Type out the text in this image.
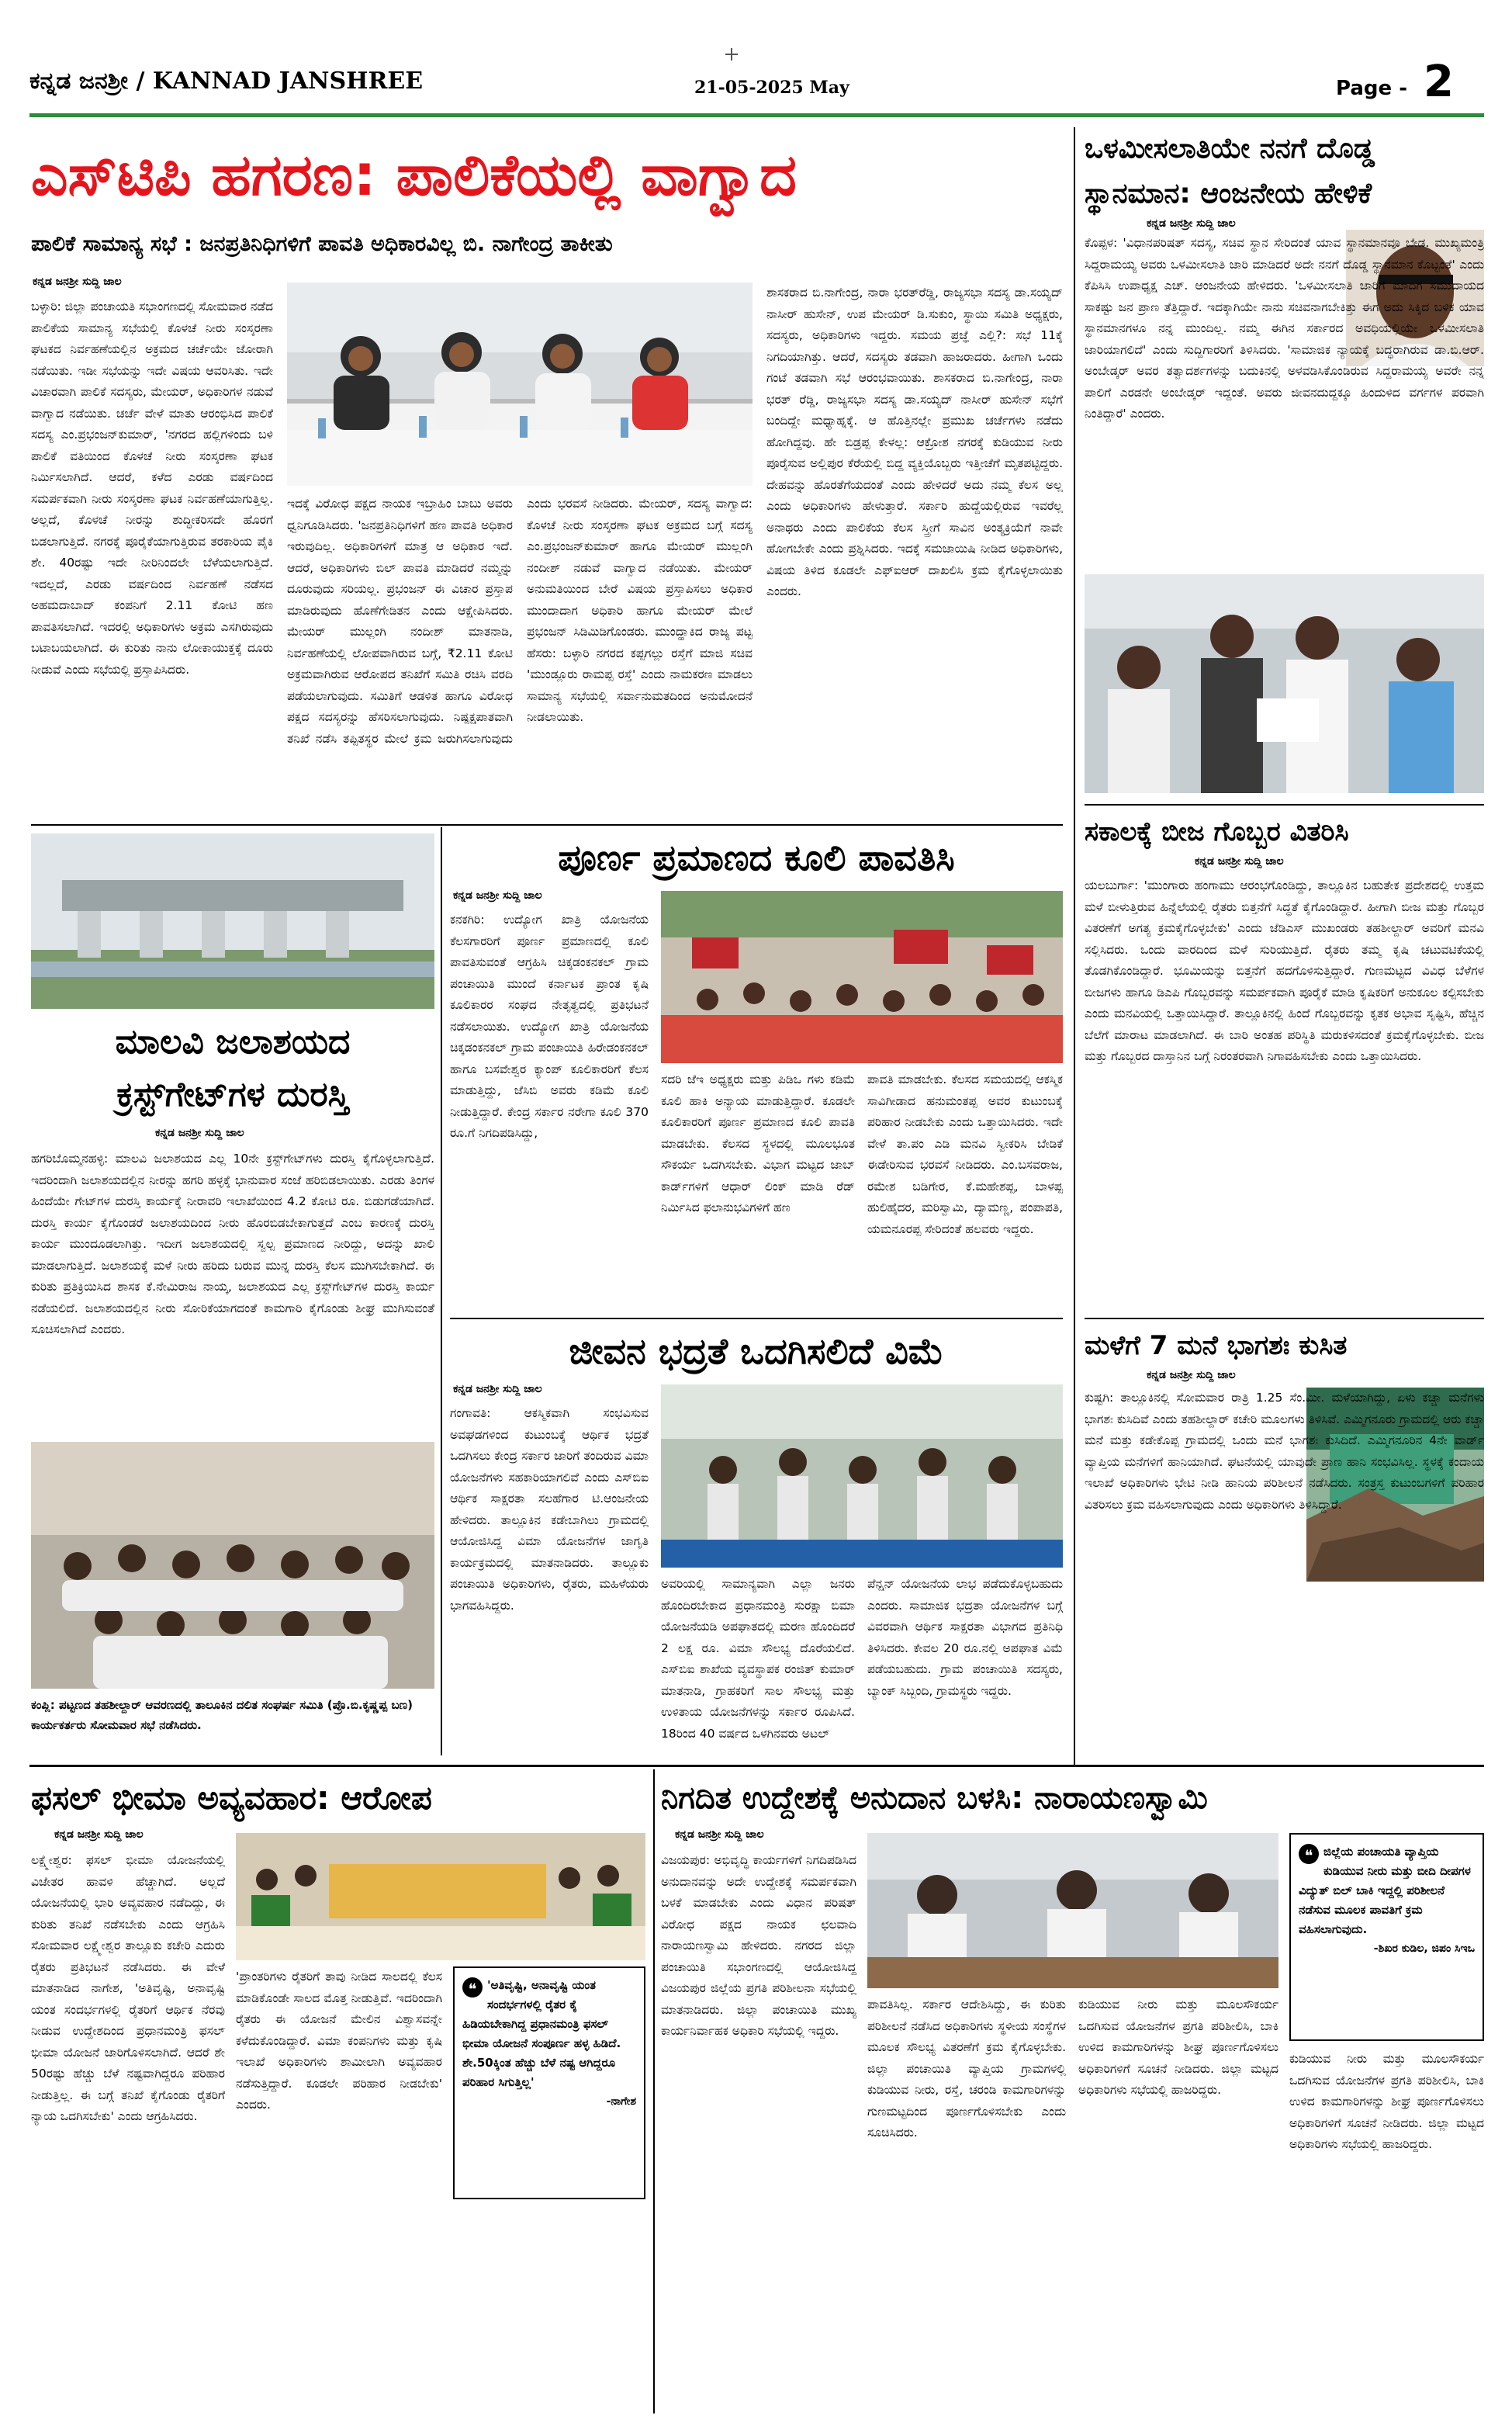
ಕನ್ನಡ ಜನಶ್ರೀ / KANNAD JANSHREE	21-05-2025 May	Page - 2
ಎಸ್‌ಟಿಪಿ ಹಗರಣ: ಪಾಲಿಕೆಯಲ್ಲಿ ವಾಗ್ವಾದ
ಪಾಲಿಕೆ ಸಾಮಾನ್ಯ ಸಭೆ : ಜನಪ್ರತಿನಿಧಿಗಳಿಗೆ ಪಾವತಿ ಅಧಿಕಾರವಿಲ್ಲ ಬಿ. ನಾಗೇಂದ್ರ ತಾಕೀತು
ಕನ್ನಡ ಜನಶ್ರೀ ಸುದ್ದಿ ಜಾಲ
ಬಳ್ಳಾರಿ: ಜಿಲ್ಲಾ ಪಂಚಾಯತಿ ಸಭಾಂಗಣದಲ್ಲಿ ಸೋಮವಾರ ನಡೆದ ಪಾಲಿಕೆಯ ಸಾಮಾನ್ಯ ಸಭೆಯಲ್ಲಿ ಕೊಳಚೆ ನೀರು ಸಂಸ್ಕರಣಾ ಘಟಕದ ನಿರ್ವಹಣೆಯಲ್ಲಿನ ಅಕ್ರಮದ ಚರ್ಚೆಯೇ ಜೋರಾಗಿ ನಡೆಯಿತು. ಇಡೀ ಸಭೆಯನ್ನು ಇದೇ ವಿಷಯ ಆವರಿಸಿತು. ಇದೇ ವಿಚಾರವಾಗಿ ಪಾಲಿಕೆ ಸದಸ್ಯರು, ಮೇಯರ್, ಅಧಿಕಾರಿಗಳ ನಡುವೆ ವಾಗ್ವಾದ ನಡೆಯಿತು. ಚರ್ಚೆ ವೇಳೆ ಮಾತು ಆರಂಭಿಸಿದ ಪಾಲಿಕೆ ಸದಸ್ಯ ಎಂ.ಪ್ರಭಂಜನ್‌ಕುಮಾರ್, 'ನಗರದ ಹಲ್ಲಿಗಳಿಂದು ಬಳಿ ಪಾಲಿಕೆ ವತಿಯಿಂದ ಕೊಳಚೆ ನೀರು ಸಂಸ್ಕರಣಾ ಘಟಕ ನಿರ್ಮಿಸಲಾಗಿದೆ. ಆದರೆ, ಕಳೆದ ಎರಡು ವರ್ಷದಿಂದ ಸಮರ್ಪಕವಾಗಿ ನೀರು ಸಂಸ್ಕರಣಾ ಘಟಕ ನಿರ್ವಹಣೆಯಾಗುತ್ತಿಲ್ಲ. ಅಲ್ಲದೆ, ಕೊಳಚೆ ನೀರನ್ನು ಶುದ್ಧೀಕರಿಸದೇ ಹೊರಗೆ ಬಿಡಲಾಗುತ್ತಿದೆ. ನಗರಕ್ಕೆ ಪೂರೈಕೆಯಾಗುತ್ತಿರುವ ತರಕಾರಿಯ ಪೈಕಿ ಶೇ. 40ರಷ್ಟು ಇದೇ ನೀರಿನಿಂದಲೇ ಬೆಳೆಯಲಾಗುತ್ತಿದೆ. ಇದಲ್ಲದೆ, ಎರಡು ವರ್ಷದಿಂದ ನಿರ್ವಹಣೆ ನಡೆಸದ ಅಹಮದಾಬಾದ್ ಕಂಪನಿಗೆ 2.11 ಕೋಟಿ ಹಣ ಪಾವತಿಸಲಾಗಿದೆ. ಇದರಲ್ಲಿ ಅಧಿಕಾರಿಗಳು ಅಕ್ರಮ ಎಸಗಿರುವುದು ಬಟಾಬಯಲಾಗಿದೆ. ಈ ಕುರಿತು ನಾನು ಲೋಕಾಯುಕ್ತಕ್ಕೆ ದೂರು ನೀಡುವೆ ಎಂದು ಸಭೆಯಲ್ಲಿ ಪ್ರಸ್ತಾಪಿಸಿದರು.
ಇದಕ್ಕೆ ವಿರೋಧ ಪಕ್ಷದ ನಾಯಕ ಇಬ್ರಾಹಿಂ ಬಾಬು ಅವರು ಧ್ವನಿಗೂಡಿಸಿದರು. 'ಜನಪ್ರತಿನಿಧಿಗಳಿಗೆ ಹಣ ಪಾವತಿ ಅಧಿಕಾರ ಇರುವುದಿಲ್ಲ. ಅಧಿಕಾರಿಗಳಿಗೆ ಮಾತ್ರ ಆ ಅಧಿಕಾರ ಇದೆ. ಆದರೆ, ಅಧಿಕಾರಿಗಳು ಬಿಲ್ ಪಾವತಿ ಮಾಡಿದರೆ ನಮ್ಮನ್ನು ದೂರುವುದು ಸರಿಯಲ್ಲ. ಪ್ರಭಂಜನ್ ಈ ವಿಚಾರ ಪ್ರಸ್ತಾಪ ಮಾಡಿರುವುದು ಹೊಣೆಗೇಡಿತನ ಎಂದು ಆಕ್ಷೇಪಿಸಿದರು. ಮೇಯರ್ ಮುಲ್ಲಂಗಿ ನಂದೀಶ್ ಮಾತನಾಡಿ, ನಿರ್ವಹಣೆಯಲ್ಲಿ ಲೋಪವಾಗಿರುವ ಬಗ್ಗೆ, ₹2.11 ಕೋಟಿ ಅಕ್ರಮವಾಗಿರುವ ಆರೋಪದ ತನಿಖೆಗೆ ಸಮಿತಿ ರಚಿಸಿ ವರದಿ ಪಡೆಯಲಾಗುವುದು. ಸಮಿತಿಗೆ ಆಡಳಿತ ಹಾಗೂ ವಿರೋಧ ಪಕ್ಷದ ಸದಸ್ಯರನ್ನು ಹೆಸರಿಸಲಾಗುವುದು. ನಿಷ್ಪಕ್ಷಪಾತವಾಗಿ ತನಿಖೆ ನಡೆಸಿ ತಪ್ಪಿತಸ್ಥರ ಮೇಲೆ ಕ್ರಮ ಜರುಗಿಸಲಾಗುವುದು ಎಂದು ಭರವಸೆ ನೀಡಿದರು. ಮೇಯರ್, ಸದಸ್ಯ ವಾಗ್ವಾದ: ಕೊಳಚೆ ನೀರು ಸಂಸ್ಕರಣಾ ಘಟಕ ಅಕ್ರಮದ ಬಗ್ಗೆ ಸದಸ್ಯ ಎಂ.ಪ್ರಭಂಜನ್‌ಕುಮಾರ್ ಹಾಗೂ ಮೇಯರ್ ಮುಲ್ಲಂಗಿ ನಂದೀಶ್ ನಡುವೆ ವಾಗ್ವಾದ ನಡೆಯಿತು. ಮೇಯರ್ ಅನುಮತಿಯಿಂದ ಬೇರೆ ವಿಷಯ ಪ್ರಸ್ತಾಪಿಸಲು ಅಧಿಕಾರ ಮುಂದಾದಾಗ ಅಧಿಕಾರಿ ಹಾಗೂ ಮೇಯರ್ ಮೇಲೆ ಪ್ರಭಂಜನ್ ಸಿಡಿಮಿಡಿಗೊಂಡರು. ಮುಂದ್ಹಾಕಿದ ರಾಜ್ಯ ಪಟ್ಟ ಹೆಸರು: ಬಳ್ಳಾರಿ ನಗರದ ಕಪ್ಪಗಲ್ಲು ರಸ್ತೆಗೆ ಮಾಜಿ ಸಚಿವ 'ಮುಂಡ್ಲೂರು ರಾಮಪ್ಪ ರಸ್ತೆ' ಎಂದು ನಾಮಕರಣ ಮಾಡಲು ಸಾಮಾನ್ಯ ಸಭೆಯಲ್ಲಿ ಸರ್ವಾನುಮತದಿಂದ ಅನುಮೋದನೆ ನೀಡಲಾಯಿತು.
ಶಾಸಕರಾದ ಬಿ.ನಾಗೇಂದ್ರ, ನಾರಾ ಭರತ್‌ರೆಡ್ಡಿ, ರಾಜ್ಯಸಭಾ ಸದಸ್ಯ ಡಾ.ಸಯ್ಯದ್ ನಾಸೀರ್ ಹುಸೇನ್, ಉಪ ಮೇಯರ್ ಡಿ.ಸುಕುಂ, ಸ್ಥಾಯಿ ಸಮಿತಿ ಅಧ್ಯಕ್ಷರು, ಸದಸ್ಯರು, ಅಧಿಕಾರಿಗಳು ಇದ್ದರು. ಸಮಯ ಪ್ರಜ್ಞೆ ಎಲ್ಲಿ?: ಸಭೆ 11ಕ್ಕೆ ನಿಗದಿಯಾಗಿತ್ತು. ಆದರೆ, ಸದಸ್ಯರು ತಡವಾಗಿ ಹಾಜರಾದರು. ಹೀಗಾಗಿ ಒಂದು ಗಂಟೆ ತಡವಾಗಿ ಸಭೆ ಆರಂಭವಾಯಿತು. ಶಾಸಕರಾದ ಬಿ.ನಾಗೇಂದ್ರ, ನಾರಾ ಭರತ್ ರೆಡ್ಡಿ, ರಾಜ್ಯಸಭಾ ಸದಸ್ಯ ಡಾ.ಸಯ್ಯದ್ ನಾಸೀರ್ ಹುಸೇನ್ ಸಭೆಗೆ ಬಂದಿದ್ದೇ ಮಧ್ಯಾಹ್ನಕ್ಕೆ. ಆ ಹೊತ್ತಿನಲ್ಲೇ ಪ್ರಮುಖ ಚರ್ಚೆಗಳು ನಡೆದು ಹೋಗಿದ್ದವು. ಹೇ ಬಿಡ್ರಪ್ಪ ಕೇಳಲ್ಲ: ಆಕ್ರೋಶ ನಗರಕ್ಕೆ ಕುಡಿಯುವ ನೀರು ಪೂರೈಸುವ ಅಲ್ಲಿಪುರ ಕೆರೆಯಲ್ಲಿ ಬಿದ್ದ ವ್ಯಕ್ತಿಯೊಬ್ಬರು ಇತ್ತೀಚೆಗೆ ಮೃತಪಟ್ಟಿದ್ದರು. ದೇಹವನ್ನು ಹೊರತೆಗೆಯದಂತೆ ಎಂದು ಹೇಳಿದರೆ ಅದು ನಮ್ಮ ಕೆಲಸ ಅಲ್ಲ ಎಂದು ಅಧಿಕಾರಿಗಳು ಹೇಳುತ್ತಾರೆ. ಸರ್ಕಾರಿ ಹುದ್ದೆಯಲ್ಲಿರುವ ಇವರೆಲ್ಲ ಅನಾಥರು ಎಂದು ಪಾಲಿಕೆಯ ಕೆಲಸ ಸ್ತ್ರೀಗೆ ಸಾವಿನ ಅಂತ್ಯಕ್ರಿಯೆಗೆ ನಾವೇ ಹೋಗಬೇಕೇ ಎಂದು ಪ್ರಶ್ನಿಸಿದರು. ಇದಕ್ಕೆ ಸಮಜಾಯಿಷಿ ನೀಡಿದ ಅಧಿಕಾರಿಗಳು, ವಿಷಯ ತಿಳಿದ ಕೂಡಲೇ ಎಫ್‌ಐಆರ್ ದಾಖಲಿಸಿ ಕ್ರಮ ಕೈಗೊಳ್ಳಲಾಯಿತು ಎಂದರು.
ಒಳಮೀಸಲಾತಿಯೇ ನನಗೆ ದೊಡ್ಡ
ಸ್ಥಾನಮಾನ: ಆಂಜನೇಯ ಹೇಳಿಕೆ
ಕನ್ನಡ ಜನಶ್ರೀ ಸುದ್ದಿ ಜಾಲ
ಕೊಪ್ಪಳ: 'ವಿಧಾನಪರಿಷತ್ ಸದಸ್ಯ, ಸಚಿವ ಸ್ಥಾನ ಸೇರಿದಂತೆ ಯಾವ ಸ್ಥಾನಮಾನವೂ ಬೇಡ. ಮುಖ್ಯಮಂತ್ರಿ ಸಿದ್ದರಾಮಯ್ಯ ಅವರು ಒಳಮೀಸಲಾತಿ ಜಾರಿ ಮಾಡಿದರೆ ಅದೇ ನನಗೆ ದೊಡ್ಡ ಸ್ಥಾನಮಾನ ಕೊಟ್ಟಂತೆ' ಎಂದು ಕೆಪಿಸಿಸಿ ಉಪಾಧ್ಯಕ್ಷ ಎಚ್. ಆಂಜನೇಯ ಹೇಳಿದರು. 'ಒಳಮೀಸಲಾತಿ ಜಾರಿಗೆ ಮಾದಿಗ ಸಮುದಾಯದ ಸಾಕಷ್ಟು ಜನ ಪ್ರಾಣ ತೆತ್ತಿದ್ದಾರೆ. ಇದಕ್ಕಾಗಿಯೇ ನಾನು ಸಚಿವನಾಗಬೇಕಿತ್ತು ಈಗ ಅದು ಸಿಕ್ಕಿದ ಬಳಿಕ ಯಾವ ಸ್ಥಾನಮಾನಗಳೂ ನನ್ನ ಮುಂದಿಲ್ಲ. ನಮ್ಮ ಈಗಿನ ಸರ್ಕಾರದ ಅವಧಿಯಲ್ಲಿಯೇ ಒಳಮೀಸಲಾತಿ ಜಾರಿಯಾಗಲಿದೆ' ಎಂದು ಸುದ್ದಿಗಾರರಿಗೆ ತಿಳಿಸಿದರು. 'ಸಾಮಾಜಿಕ ನ್ಯಾಯಕ್ಕೆ ಬದ್ಧರಾಗಿರುವ ಡಾ.ಬಿ.ಆರ್. ಅಂಬೇಡ್ಕರ್ ಅವರ ತತ್ವಾದರ್ಶಗಳನ್ನು ಬದುಕಿನಲ್ಲಿ ಅಳವಡಿಸಿಕೊಂಡಿರುವ ಸಿದ್ದರಾಮಯ್ಯ ಅವರೇ ನನ್ನ ಪಾಲಿಗೆ ಎರಡನೇ ಅಂಬೇಡ್ಕರ್ ಇದ್ದಂತೆ. ಅವರು ಜೀವನದುದ್ದಕ್ಕೂ ಹಿಂದುಳಿದ ವರ್ಗಗಳ ಪರವಾಗಿ ನಿಂತಿದ್ದಾರೆ' ಎಂದರು.
ಸಕಾಲಕ್ಕೆ ಬೀಜ ಗೊಬ್ಬರ ವಿತರಿಸಿ
ಕನ್ನಡ ಜನಶ್ರೀ ಸುದ್ದಿ ಜಾಲ
ಯಲಬುರ್ಗಾ: 'ಮುಂಗಾರು ಹಂಗಾಮು ಆರಂಭಗೊಂಡಿದ್ದು, ತಾಲ್ಲೂಕಿನ ಬಹುತೇಕ ಪ್ರದೇಶದಲ್ಲಿ ಉತ್ತಮ ಮಳೆ ಬೀಳುತ್ತಿರುವ ಹಿನ್ನೆಲೆಯಲ್ಲಿ ರೈತರು ಬಿತ್ತನೆಗೆ ಸಿದ್ಧತೆ ಕೈಗೊಂಡಿದ್ದಾರೆ. ಹೀಗಾಗಿ ಬೀಜ ಮತ್ತು ಗೊಬ್ಬರ ವಿತರಣೆಗೆ ಅಗತ್ಯ ಕ್ರಮಕೈಗೊಳ್ಳಬೇಕು' ಎಂದು ಜೆಡಿಎಸ್ ಮುಖಂಡರು ತಹಶೀಲ್ದಾರ್ ಅವರಿಗೆ ಮನವಿ ಸಲ್ಲಿಸಿದರು. ಒಂದು ವಾರದಿಂದ ಮಳೆ ಸುರಿಯುತ್ತಿದೆ. ರೈತರು ತಮ್ಮ ಕೃಷಿ ಚಟುವಟಿಕೆಯಲ್ಲಿ ತೊಡಗಿಕೊಂಡಿದ್ದಾರೆ. ಭೂಮಿಯನ್ನು ಬಿತ್ತನೆಗೆ ಹದಗೊಳಿಸುತ್ತಿದ್ದಾರೆ. ಗುಣಮಟ್ಟದ ವಿವಿಧ ಬೆಳೆಗಳ ಬೀಜಗಳು ಹಾಗೂ ಡಿಎಪಿ ಗೊಬ್ಬರವನ್ನು ಸಮರ್ಪಕವಾಗಿ ಪೂರೈಕೆ ಮಾಡಿ ಕೃಷಿಕರಿಗೆ ಅನುಕೂಲ ಕಲ್ಪಿಸಬೇಕು ಎಂದು ಮನವಿಯಲ್ಲಿ ಒತ್ತಾಯಿಸಿದ್ದಾರೆ. ತಾಲ್ಲೂಕಿನಲ್ಲಿ ಹಿಂದೆ ಗೊಬ್ಬರವನ್ನು ಕೃತಕ ಅಭಾವ ಸೃಷ್ಟಿಸಿ, ಹೆಚ್ಚಿನ ಬೆಲೆಗೆ ಮಾರಾಟ ಮಾಡಲಾಗಿದೆ. ಈ ಬಾರಿ ಅಂತಹ ಪರಿಸ್ಥಿತಿ ಮರುಕಳಿಸದಂತೆ ಕ್ರಮಕೈಗೊಳ್ಳಬೇಕು. ಬೀಜ ಮತ್ತು ಗೊಬ್ಬರದ ದಾಸ್ತಾನಿನ ಬಗ್ಗೆ ನಿರಂತರವಾಗಿ ನಿಗಾವಹಿಸಬೇಕು ಎಂದು ಒತ್ತಾಯಿಸಿದರು.
ಮಳೆಗೆ 7 ಮನೆ ಭಾಗಶಃ ಕುಸಿತ
ಕನ್ನಡ ಜನಶ್ರೀ ಸುದ್ದಿ ಜಾಲ
ಕುಷ್ಟಗಿ: ತಾಲ್ಲೂಕಿನಲ್ಲಿ ಸೋಮವಾರ ರಾತ್ರಿ 1.25 ಸೆಂ.ಮೀ. ಮಳೆಯಾಗಿದ್ದು, ಏಳು ಕಚ್ಚಾ ಮನೆಗಳು ಭಾಗಶಃ ಕುಸಿದಿವೆ ಎಂದು ತಹಶೀಲ್ದಾರ್ ಕಚೇರಿ ಮೂಲಗಳು ತಿಳಿಸಿವೆ. ಎಮ್ಮಿಗನೂರು ಗ್ರಾಮದಲ್ಲಿ ಆರು ಕಚ್ಚಾ ಮನೆ ಮತ್ತು ಕಡೇಕೊಪ್ಪ ಗ್ರಾಮದಲ್ಲಿ ಒಂದು ಮನೆ ಭಾಗಶಃ ಕುಸಿದಿದೆ. ಎಮ್ಮಿಗನೂರಿನ 4ನೇ ವಾರ್ಡ್ ವ್ಯಾಪ್ತಿಯ ಮನೆಗಳಿಗೆ ಹಾನಿಯಾಗಿದೆ. ಘಟನೆಯಲ್ಲಿ ಯಾವುದೇ ಪ್ರಾಣ ಹಾನಿ ಸಂಭವಿಸಿಲ್ಲ. ಸ್ಥಳಕ್ಕೆ ಕಂದಾಯ ಇಲಾಖೆ ಅಧಿಕಾರಿಗಳು ಭೇಟಿ ನೀಡಿ ಹಾನಿಯ ಪರಿಶೀಲನೆ ನಡೆಸಿದರು. ಸಂತ್ರಸ್ತ ಕುಟುಂಬಗಳಿಗೆ ಪರಿಹಾರ ವಿತರಿಸಲು ಕ್ರಮ ವಹಿಸಲಾಗುವುದು ಎಂದು ಅಧಿಕಾರಿಗಳು ತಿಳಿಸಿದ್ದಾರೆ.
ಮಾಲವಿ ಜಲಾಶಯದ
ಕ್ರಸ್ಟ್‌ಗೇಟ್‌ಗಳ ದುರಸ್ತಿ
ಕನ್ನಡ ಜನಶ್ರೀ ಸುದ್ದಿ ಜಾಲ
ಹಗರಿಬೊಮ್ಮನಹಳ್ಳಿ: ಮಾಲವಿ ಜಲಾಶಯದ ಎಲ್ಲ 10ನೇ ಕ್ರಸ್ಟ್‌ಗೇಟ್‌ಗಳು ದುರಸ್ತಿ ಕೈಗೊಳ್ಳಲಾಗುತ್ತಿದೆ. ಇದರಿಂದಾಗಿ ಜಲಾಶಯದಲ್ಲಿನ ನೀರನ್ನು ಹಗರಿ ಹಳ್ಳಕ್ಕೆ ಭಾನುವಾರ ಸಂಜೆ ಹರಿಬಿಡಲಾಯಿತು. ಎರಡು ತಿಂಗಳ ಹಿಂದೆಯೇ ಗೇಟ್‌ಗಳ ದುರಸ್ತಿ ಕಾರ್ಯಕ್ಕೆ ನೀರಾವರಿ ಇಲಾಖೆಯಿಂದ 4.2 ಕೋಟಿ ರೂ. ಬಿಡುಗಡೆಯಾಗಿದೆ. ದುರಸ್ತಿ ಕಾರ್ಯ ಕೈಗೊಂಡರೆ ಜಲಾಶಯದಿಂದ ನೀರು ಹೊರಬಿಡಬೇಕಾಗುತ್ತದೆ ಎಂಬ ಕಾರಣಕ್ಕೆ ದುರಸ್ತಿ ಕಾರ್ಯ ಮುಂದೂಡಲಾಗಿತ್ತು. ಇದೀಗ ಜಲಾಶಯದಲ್ಲಿ ಸ್ವಲ್ಪ ಪ್ರಮಾಣದ ನೀರಿದ್ದು, ಅದನ್ನು ಖಾಲಿ ಮಾಡಲಾಗುತ್ತಿದೆ. ಜಲಾಶಯಕ್ಕೆ ಮಳೆ ನೀರು ಹರಿದು ಬರುವ ಮುನ್ನ ದುರಸ್ತಿ ಕೆಲಸ ಮುಗಿಸಬೇಕಾಗಿದೆ. ಈ ಕುರಿತು ಪ್ರತಿಕ್ರಿಯಿಸಿದ ಶಾಸಕ ಕೆ.ನೇಮಿರಾಜ ನಾಯ್ಕ, ಜಲಾಶಯದ ಎಲ್ಲ ಕ್ರಸ್ಟ್‌ಗೇಟ್‌ಗಳ ದುರಸ್ತಿ ಕಾರ್ಯ ನಡೆಯಲಿದೆ. ಜಲಾಶಯದಲ್ಲಿನ ನೀರು ಸೋರಿಕೆಯಾಗದಂತೆ ಕಾಮಗಾರಿ ಕೈಗೊಂಡು ಶೀಘ್ರ ಮುಗಿಸುವಂತೆ ಸೂಚಿಸಲಾಗಿದೆ ಎಂದರು.
ಕಂಪ್ಲಿ: ಪಟ್ಟಣದ ತಹಶೀಲ್ದಾರ್ ಆವರಣದಲ್ಲಿ ತಾಲೂಕಿನ ದಲಿತ ಸಂಘರ್ಷ ಸಮಿತಿ (ಪ್ರೊ.ಬಿ.ಕೃಷ್ಣಪ್ಪ ಬಣ) ಕಾರ್ಯಕರ್ತರು ಸೋಮವಾರ ಸಭೆ ನಡೆಸಿದರು.
ಪೂರ್ಣ ಪ್ರಮಾಣದ ಕೂಲಿ ಪಾವತಿಸಿ
ಕನ್ನಡ ಜನಶ್ರೀ ಸುದ್ದಿ ಜಾಲ
ಕನಕಗಿರಿ: ಉದ್ಯೋಗ ಖಾತ್ರಿ ಯೋಜನೆಯ ಕೆಲಸಗಾರರಿಗೆ ಪೂರ್ಣ ಪ್ರಮಾಣದಲ್ಲಿ ಕೂಲಿ ಪಾವತಿಸುವಂತೆ ಆಗ್ರಹಿಸಿ ಚಿಕ್ಕಡಂಕನಕಲ್ ಗ್ರಾಮ ಪಂಚಾಯಿತಿ ಮುಂದೆ ಕರ್ನಾಟಕ ಪ್ರಾಂತ ಕೃಷಿ ಕೂಲಿಕಾರರ ಸಂಘದ ನೇತೃತ್ವದಲ್ಲಿ ಪ್ರತಿಭಟನೆ ನಡೆಸಲಾಯಿತು. ಉದ್ಯೋಗ ಖಾತ್ರಿ ಯೋಜನೆಯ ಚಿಕ್ಕಡಂಕನಕಲ್ ಗ್ರಾಮ ಪಂಚಾಯಿತಿ ಹಿರೇಡಂಕನಕಲ್ ಹಾಗೂ ಬಸವೇಶ್ವರ ಕ್ಯಾಂಪ್ ಕೂಲಿಕಾರರಿಗೆ ಕೆಲಸ ಮಾಡುತ್ತಿದ್ದು, ಜೆಸಿಬಿ ಅವರು ಕಡಿಮೆ ಕೂಲಿ ನೀಡುತ್ತಿದ್ದಾರೆ. ಕೇಂದ್ರ ಸರ್ಕಾರ ನರೇಗಾ ಕೂಲಿ 370 ರೂ.ಗೆ ನಿಗದಿಪಡಿಸಿದ್ದು,
ಸದರಿ ಜೆಇ ಅಧ್ಯಕ್ಷರು ಮತ್ತು ಪಿಡಿಒ ಗಳು ಕಡಿಮೆ ಕೂಲಿ ಹಾಕಿ ಅನ್ಯಾಯ ಮಾಡುತ್ತಿದ್ದಾರೆ. ಕೂಡಲೇ ಕೂಲಿಕಾರರಿಗೆ ಪೂರ್ಣ ಪ್ರಮಾಣದ ಕೂಲಿ ಪಾವತಿ ಮಾಡಬೇಕು. ಕೆಲಸದ ಸ್ಥಳದಲ್ಲಿ ಮೂಲಭೂತ ಸೌಕರ್ಯ ಒದಗಿಸಬೇಕು. ವಿಭಾಗ ಮಟ್ಟದ ಜಾಬ್ ಕಾರ್ಡ್‌ಗಳಿಗೆ ಆಧಾರ್ ಲಿಂಕ್ ಮಾಡಿ ರೆಡ್ ನಿರ್ಮಿಸಿದ ಫಲಾನುಭವಿಗಳಿಗೆ ಹಣ
ಪಾವತಿ ಮಾಡಬೇಕು. ಕೆಲಸದ ಸಮಯದಲ್ಲಿ ಆಕಸ್ಮಿಕ ಸಾವಿಗೀಡಾದ ಹನುಮಂತಪ್ಪ ಅವರ ಕುಟುಂಬಕ್ಕೆ ಪರಿಹಾರ ನೀಡಬೇಕು ಎಂದು ಒತ್ತಾಯಿಸಿದರು. ಇದೇ ವೇಳೆ ತಾ.ಪಂ ಎಡಿ ಮನವಿ ಸ್ವೀಕರಿಸಿ ಬೇಡಿಕೆ ಈಡೇರಿಸುವ ಭರವಸೆ ನೀಡಿದರು. ಎಂ.ಬಸವರಾಜ, ರಮೇಶ ಬಡಿಗೇರ, ಕೆ.ಮಹೇಶಪ್ಪ, ಬಾಳಪ್ಪ ಹುಲಿಹೈದರ, ಮರಿಸ್ವಾಮಿ, ದ್ಯಾಮಣ್ಣ, ಪಂಪಾಪತಿ, ಯಮನೂರಪ್ಪ ಸೇರಿದಂತೆ ಹಲವರು ಇದ್ದರು.
ಜೀವನ ಭದ್ರತೆ ಒದಗಿಸಲಿದೆ ವಿಮೆ
ಕನ್ನಡ ಜನಶ್ರೀ ಸುದ್ದಿ ಜಾಲ
ಗಂಗಾವತಿ: ಆಕಸ್ಮಿಕವಾಗಿ ಸಂಭವಿಸುವ ಅವಘಡಗಳಿಂದ ಕುಟುಂಬಕ್ಕೆ ಆರ್ಥಿಕ ಭದ್ರತೆ ಒದಗಿಸಲು ಕೇಂದ್ರ ಸರ್ಕಾರ ಜಾರಿಗೆ ತಂದಿರುವ ವಿಮಾ ಯೋಜನೆಗಳು ಸಹಕಾರಿಯಾಗಲಿವೆ ಎಂದು ಎಸ್‌ಬಿಐ ಆರ್ಥಿಕ ಸಾಕ್ಷರತಾ ಸಲಹೆಗಾರ ಟಿ.ಆಂಜನೇಯ ಹೇಳಿದರು. ತಾಲ್ಲೂಕಿನ ಕಡೇಬಾಗಿಲು ಗ್ರಾಮದಲ್ಲಿ ಆಯೋಜಿಸಿದ್ದ ವಿಮಾ ಯೋಜನೆಗಳ ಜಾಗೃತಿ ಕಾರ್ಯಕ್ರಮದಲ್ಲಿ ಮಾತನಾಡಿದರು. ತಾಲ್ಲೂಕು ಪಂಚಾಯಿತಿ ಅಧಿಕಾರಿಗಳು, ರೈತರು, ಮಹಿಳೆಯರು ಭಾಗವಹಿಸಿದ್ದರು.
ಅವರಿಯಲ್ಲಿ ಸಾಮಾನ್ಯವಾಗಿ ಎಲ್ಲಾ ಜನರು ಹೊಂದಿರಬೇಕಾದ ಪ್ರಧಾನಮಂತ್ರಿ ಸುರಕ್ಷಾ ಬಿಮಾ ಯೋಜನೆಯಡಿ ಅಪಘಾತದಲ್ಲಿ ಮರಣ ಹೊಂದಿದರೆ 2 ಲಕ್ಷ ರೂ. ವಿಮಾ ಸೌಲಭ್ಯ ದೊರೆಯಲಿದೆ. ಎಸ್‌ಬಿಐ ಶಾಖೆಯ ವ್ಯವಸ್ಥಾಪಕ ರಂಜಿತ್ ಕುಮಾರ್ ಮಾತನಾಡಿ, ಗ್ರಾಹಕರಿಗೆ ಸಾಲ ಸೌಲಭ್ಯ ಮತ್ತು ಉಳಿತಾಯ ಯೋಜನೆಗಳನ್ನು ಸರ್ಕಾರ ರೂಪಿಸಿದೆ. 18ರಿಂದ 40 ವರ್ಷದ ಒಳಗಿನವರು ಅಟಲ್
ಪೆನ್ಷನ್ ಯೋಜನೆಯ ಲಾಭ ಪಡೆದುಕೊಳ್ಳಬಹುದು ಎಂದರು. ಸಾಮಾಜಿಕ ಭದ್ರತಾ ಯೋಜನೆಗಳ ಬಗ್ಗೆ ವಿವರವಾಗಿ ಆರ್ಥಿಕ ಸಾಕ್ಷರತಾ ವಿಭಾಗದ ಪ್ರತಿನಿಧಿ ತಿಳಿಸಿದರು. ಕೇವಲ 20 ರೂ.ನಲ್ಲಿ ಅಪಘಾತ ವಿಮೆ ಪಡೆಯಬಹುದು. ಗ್ರಾಮ ಪಂಚಾಯಿತಿ ಸದಸ್ಯರು, ಬ್ಯಾಂಕ್ ಸಿಬ್ಬಂದಿ, ಗ್ರಾಮಸ್ಥರು ಇದ್ದರು.
ಫಸಲ್ ಭೀಮಾ ಅವ್ಯವಹಾರ: ಆರೋಪ
ಕನ್ನಡ ಜನಶ್ರೀ ಸುದ್ದಿ ಜಾಲ
ಲಕ್ಷ್ಮೇಶ್ವರ: ಫಸಲ್ ಭೀಮಾ ಯೋಜನೆಯಲ್ಲಿ ವಿಜೇತರ ಹಾವಳಿ ಹೆಚ್ಚಾಗಿದೆ. ಅಲ್ಲದೆ ಯೋಜನೆಯಲ್ಲಿ ಭಾರಿ ಅವ್ಯವಹಾರ ನಡೆದಿದ್ದು, ಈ ಕುರಿತು ತನಿಖೆ ನಡೆಸಬೇಕು ಎಂದು ಆಗ್ರಹಿಸಿ ಸೋಮವಾರ ಲಕ್ಷ್ಮೇಶ್ವರ ತಾಲ್ಲೂಕು ಕಚೇರಿ ಎದುರು ರೈತರು ಪ್ರತಿಭಟನೆ ನಡೆಸಿದರು. ಈ ವೇಳೆ ಮಾತನಾಡಿದ ನಾಗೇಶ, 'ಅತಿವೃಷ್ಟಿ, ಅನಾವೃಷ್ಟಿ ಯಂತ ಸಂದರ್ಭಗಳಲ್ಲಿ ರೈತರಿಗೆ ಆರ್ಥಿಕ ನೆರವು ನೀಡುವ ಉದ್ದೇಶದಿಂದ ಪ್ರಧಾನಮಂತ್ರಿ ಫಸಲ್ ಭೀಮಾ ಯೋಜನೆ ಜಾರಿಗೊಳಿಸಲಾಗಿದೆ. ಆದರೆ ಶೇ 50ರಷ್ಟು ಹೆಚ್ಚು ಬೆಳೆ ನಷ್ಟವಾಗಿದ್ದರೂ ಪರಿಹಾರ ನೀಡುತ್ತಿಲ್ಲ. ಈ ಬಗ್ಗೆ ತನಿಖೆ ಕೈಗೊಂಡು ರೈತರಿಗೆ ನ್ಯಾಯ ಒದಗಿಸಬೇಕು' ಎಂದು ಆಗ್ರಹಿಸಿದರು.
'ಪ್ರಾಂತರಿಗಳು ರೈತರಿಗೆ ತಾವು ನೀಡಿದ ಸಾಲದಲ್ಲಿ ಕೆಲಸ ಮಾಡಿಕೊಂಡೇ ಸಾಲದ ಮೊತ್ತ ನೀಡುತ್ತಿವೆ. ಇದರಿಂದಾಗಿ ರೈತರು ಈ ಯೋಜನೆ ಮೇಲಿನ ವಿಶ್ವಾಸವನ್ನೇ ಕಳೆದುಕೊಂಡಿದ್ದಾರೆ. ವಿಮಾ ಕಂಪನಿಗಳು ಮತ್ತು ಕೃಷಿ ಇಲಾಖೆ ಅಧಿಕಾರಿಗಳು ಶಾಮೀಲಾಗಿ ಅವ್ಯವಹಾರ ನಡೆಸುತ್ತಿದ್ದಾರೆ. ಕೂಡಲೇ ಪರಿಹಾರ ನೀಡಬೇಕು' ಎಂದರು.
❝ 'ಅತಿವೃಷ್ಟಿ, ಅನಾವೃಷ್ಟಿ ಯಂತ ಸಂದರ್ಭಗಳಲ್ಲಿ ರೈತರ ಕೈ ಹಿಡಿಯಬೇಕಾಗಿದ್ದ ಪ್ರಧಾನಮಂತ್ರಿ ಫಸಲ್ ಭೀಮಾ ಯೋಜನೆ ಸಂಪೂರ್ಣ ಹಳ್ಳ ಹಿಡಿದೆ. ಶೇ.50ಕ್ಕಿಂತ ಹೆಚ್ಚು ಬೆಳೆ ನಷ್ಟ ಆಗಿದ್ದರೂ ಪರಿಹಾರ ಸಿಗುತ್ತಿಲ್ಲ'
-ನಾಗೇಶ
ನಿಗದಿತ ಉದ್ದೇಶಕ್ಕೆ ಅನುದಾನ ಬಳಸಿ: ನಾರಾಯಣಸ್ವಾಮಿ
ಕನ್ನಡ ಜನಶ್ರೀ ಸುದ್ದಿ ಜಾಲ
ವಿಜಯಪುರ: ಅಭಿವೃದ್ಧಿ ಕಾರ್ಯಗಳಿಗೆ ನಿಗದಿಪಡಿಸಿದ ಅನುದಾನವನ್ನು ಅದೇ ಉದ್ದೇಶಕ್ಕೆ ಸಮರ್ಪಕವಾಗಿ ಬಳಕೆ ಮಾಡಬೇಕು ಎಂದು ವಿಧಾನ ಪರಿಷತ್ ವಿರೋಧ ಪಕ್ಷದ ನಾಯಕ ಛಲವಾದಿ ನಾರಾಯಣಸ್ವಾಮಿ ಹೇಳಿದರು. ನಗರದ ಜಿಲ್ಲಾ ಪಂಚಾಯಿತಿ ಸಭಾಂಗಣದಲ್ಲಿ ಆಯೋಜಿಸಿದ್ದ ವಿಜಯಪುರ ಜಿಲ್ಲೆಯ ಪ್ರಗತಿ ಪರಿಶೀಲನಾ ಸಭೆಯಲ್ಲಿ ಮಾತನಾಡಿದರು. ಜಿಲ್ಲಾ ಪಂಚಾಯಿತಿ ಮುಖ್ಯ ಕಾರ್ಯನಿರ್ವಾಹಕ ಅಧಿಕಾರಿ ಸಭೆಯಲ್ಲಿ ಇದ್ದರು.
ಪಾವತಿಸಿಲ್ಲ. ಸರ್ಕಾರ ಆದೇಶಿಸಿದ್ದು, ಈ ಕುರಿತು ಪರಿಶೀಲನೆ ನಡೆಸಿದ ಅಧಿಕಾರಿಗಳು ಸ್ಥಳೀಯ ಸಂಸ್ಥೆಗಳ ಮೂಲಕ ಸೌಲಭ್ಯ ವಿತರಣೆಗೆ ಕ್ರಮ ಕೈಗೊಳ್ಳಬೇಕು. ಜಿಲ್ಲಾ ಪಂಚಾಯಿತಿ ವ್ಯಾಪ್ತಿಯ ಗ್ರಾಮಗಳಲ್ಲಿ ಕುಡಿಯುವ ನೀರು, ರಸ್ತೆ, ಚರಂಡಿ ಕಾಮಗಾರಿಗಳನ್ನು ಗುಣಮಟ್ಟದಿಂದ ಪೂರ್ಣಗೊಳಿಸಬೇಕು ಎಂದು ಸೂಚಿಸಿದರು.
ಕುಡಿಯುವ ನೀರು ಮತ್ತು ಮೂಲಸೌಕರ್ಯ ಒದಗಿಸುವ ಯೋಜನೆಗಳ ಪ್ರಗತಿ ಪರಿಶೀಲಿಸಿ, ಬಾಕಿ ಉಳಿದ ಕಾಮಗಾರಿಗಳನ್ನು ಶೀಘ್ರ ಪೂರ್ಣಗೊಳಿಸಲು ಅಧಿಕಾರಿಗಳಿಗೆ ಸೂಚನೆ ನೀಡಿದರು. ಜಿಲ್ಲಾ ಮಟ್ಟದ ಅಧಿಕಾರಿಗಳು ಸಭೆಯಲ್ಲಿ ಹಾಜರಿದ್ದರು.
❝ ಜಿಲ್ಲೆಯ ಪಂಚಾಯತಿ ವ್ಯಾಪ್ತಿಯ ಕುಡಿಯುವ ನೀರು ಮತ್ತು ಬೀದಿ ದೀಪಗಳ ವಿದ್ಯುತ್ ಬಿಲ್ ಬಾಕಿ ಇದ್ದಲ್ಲಿ ಪರಿಶೀಲನೆ ನಡೆಸುವ ಮೂಲಕ ಪಾವತಿಗೆ ಕ್ರಮ ವಹಿಸಲಾಗುವುದು.
-ಶಿಖರ ಕುಡಿಲ, ಜಿಪಂ ಸಿಇಒ
ಕುಡಿಯುವ ನೀರು ಮತ್ತು ಮೂಲಸೌಕರ್ಯ ಒದಗಿಸುವ ಯೋಜನೆಗಳ ಪ್ರಗತಿ ಪರಿಶೀಲಿಸಿ, ಬಾಕಿ ಉಳಿದ ಕಾಮಗಾರಿಗಳನ್ನು ಶೀಘ್ರ ಪೂರ್ಣಗೊಳಿಸಲು ಅಧಿಕಾರಿಗಳಿಗೆ ಸೂಚನೆ ನೀಡಿದರು. ಜಿಲ್ಲಾ ಮಟ್ಟದ ಅಧಿಕಾರಿಗಳು ಸಭೆಯಲ್ಲಿ ಹಾಜರಿದ್ದರು.
